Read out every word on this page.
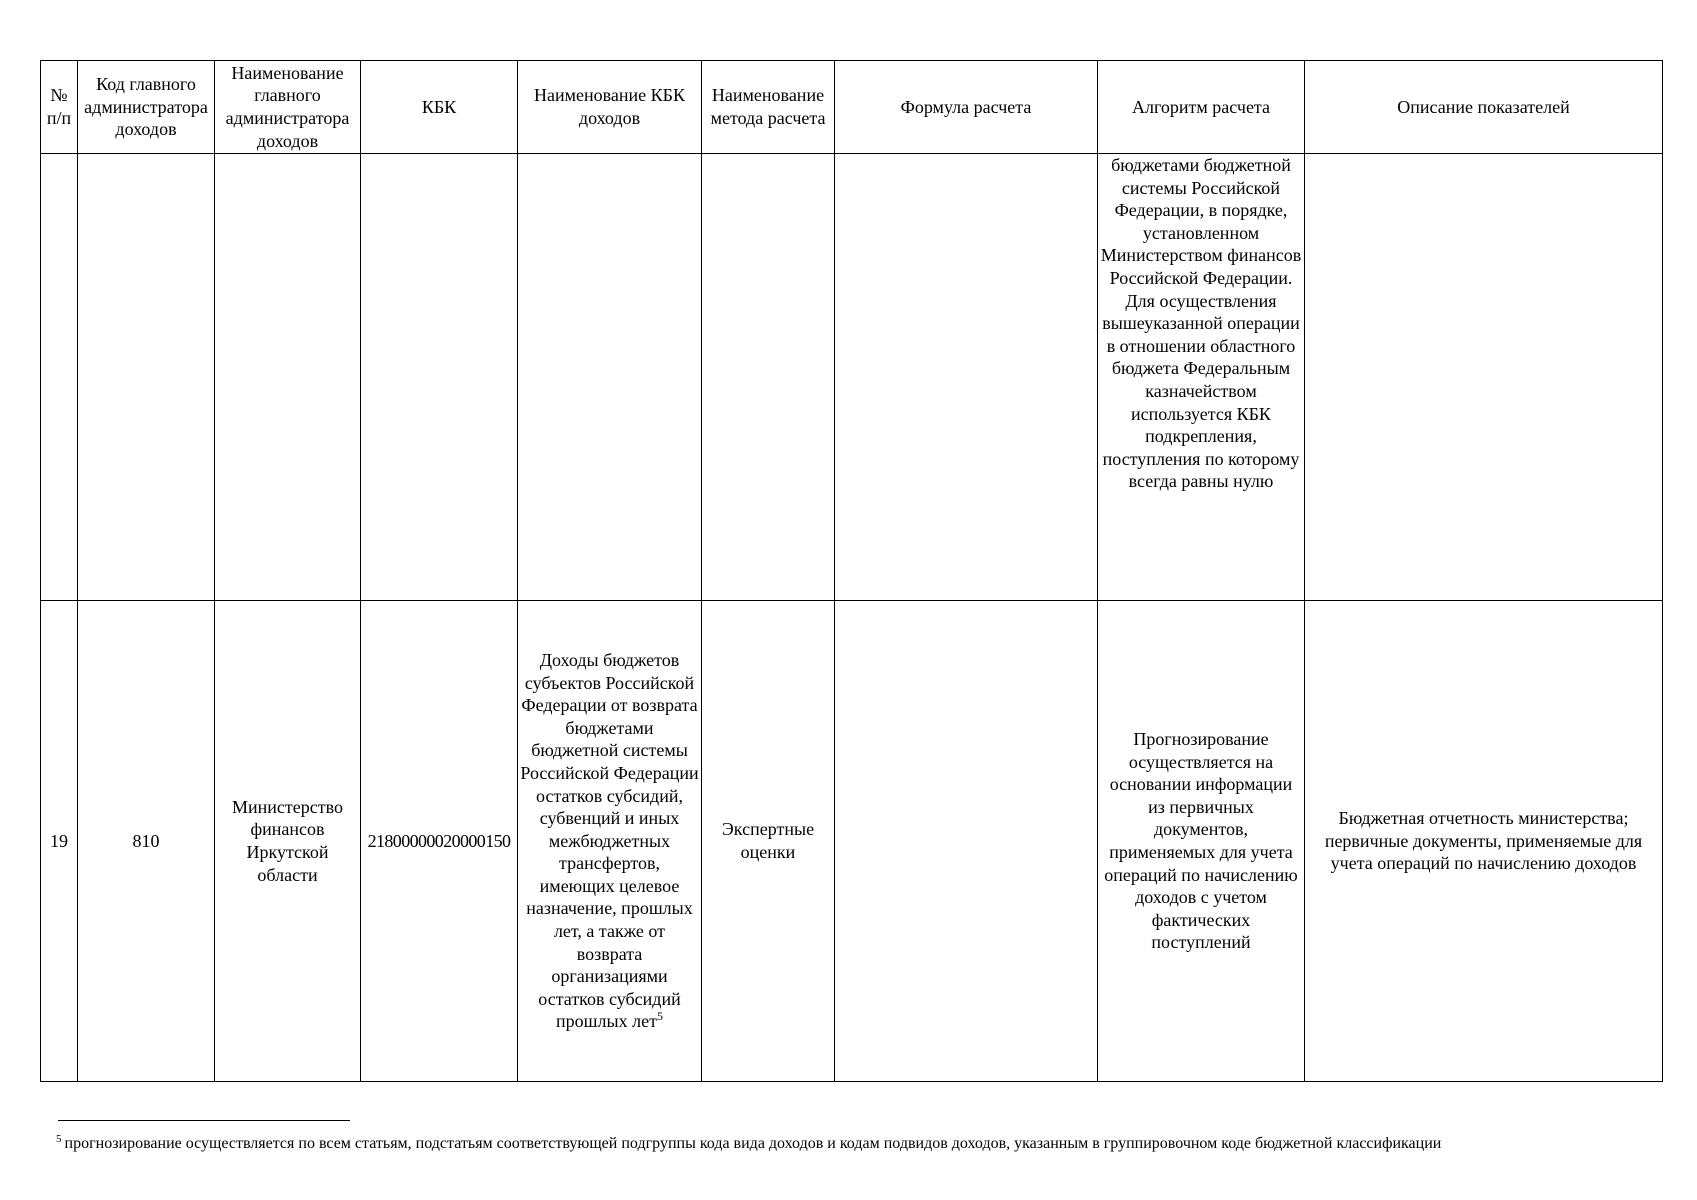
№ п/п	Код главного администратора доходов	Наименование главного администратора доходов	КБК	Наименование КБК доходов	Наименование метода расчета	Формула расчета	Алгоритм расчета	Описание показателей
							бюджетами бюджетной системы Российской Федерации, в порядке, установленном Министерством финансов Российской Федерации. Для осуществления вышеуказанной операции в отношении областного бюджета Федеральным казначейством используется КБК подкрепления, поступления по которому всегда равны нулю	
19	810	Министерство финансов Иркутской области	21800000020000150	Доходы бюджетов субъектов Российской Федерации от возврата бюджетами бюджетной системы Российской Федерации остатков субсидий, субвенций и иных межбюджетных трансфертов, имеющих целевое назначение, прошлых лет, а также от возврата организациями остатков субсидий прошлых лет$^5$	Экспертные оценки		Прогнозирование осуществляется на основании информации из первичных документов, применяемых для учета операций по начислению доходов с учетом фактических поступлений	Бюджетная отчетность министерства; первичные документы, применяемые для учета операций по начислению доходов
$^5$ прогнозирование осуществляется по всем статьям, подстатьям соответствующей подгруппы кода вида доходов и кодам подвидов доходов, указанным в группировочном коде бюджетной классификации
